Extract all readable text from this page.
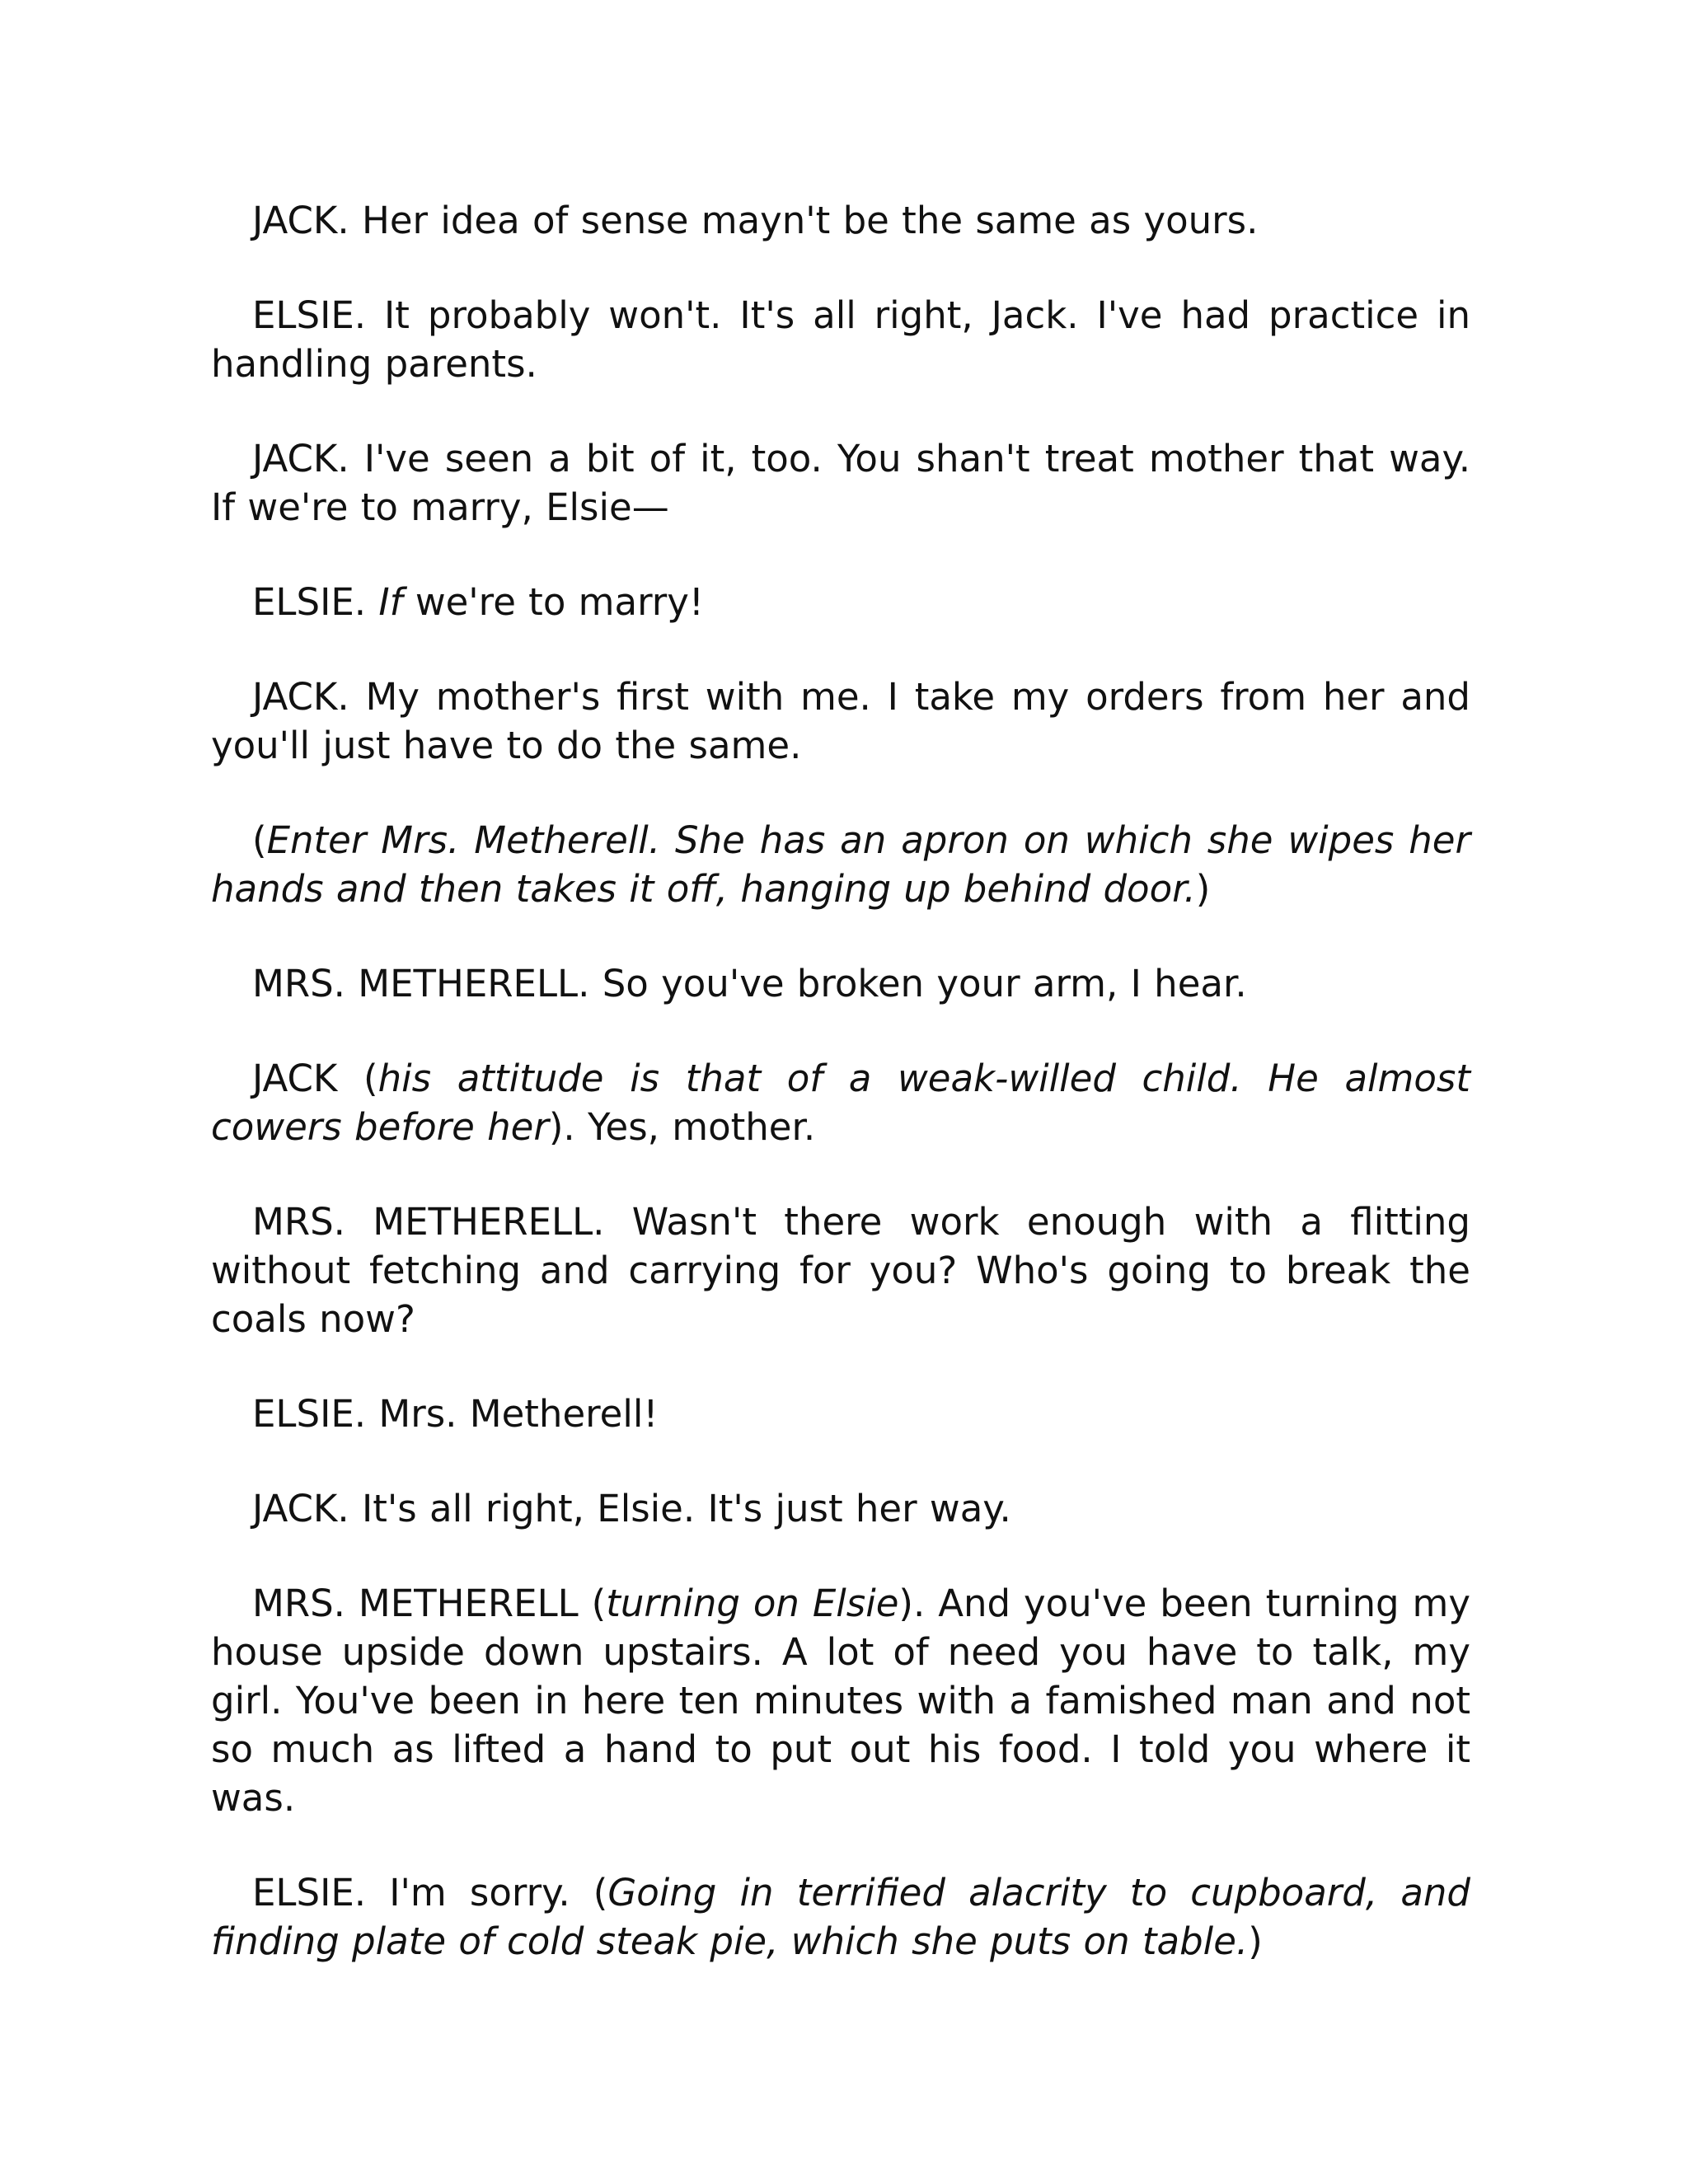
JACK. Her idea of sense mayn't be the same as yours.

ELSIE. It probably won't. It's all right, Jack. I've had practice in handling parents.

JACK. I've seen a bit of it, too. You shan't treat mother that way. If we're to marry, Elsie—

ELSIE. If we're to marry!

JACK. My mother's first with me. I take my orders from her and you'll just have to do the same.

(Enter Mrs. Metherell. She has an apron on which she wipes her hands and then takes it off, hanging up behind door.)

MRS. METHERELL. So you've broken your arm, I hear.

JACK (his attitude is that of a weak-willed child. He almost cowers before her). Yes, mother.

MRS. METHERELL. Wasn't there work enough with a flitting without fetching and carrying for you? Who's going to break the coals now?

ELSIE. Mrs. Metherell!

JACK. It's all right, Elsie. It's just her way.

MRS. METHERELL (turning on Elsie). And you've been turning my house upside down upstairs. A lot of need you have to talk, my girl. You've been in here ten minutes with a famished man and not so much as lifted a hand to put out his food. I told you where it was.

ELSIE. I'm sorry. (Going in terrified alacrity to cupboard, and finding plate of cold steak pie, which she puts on table.)
